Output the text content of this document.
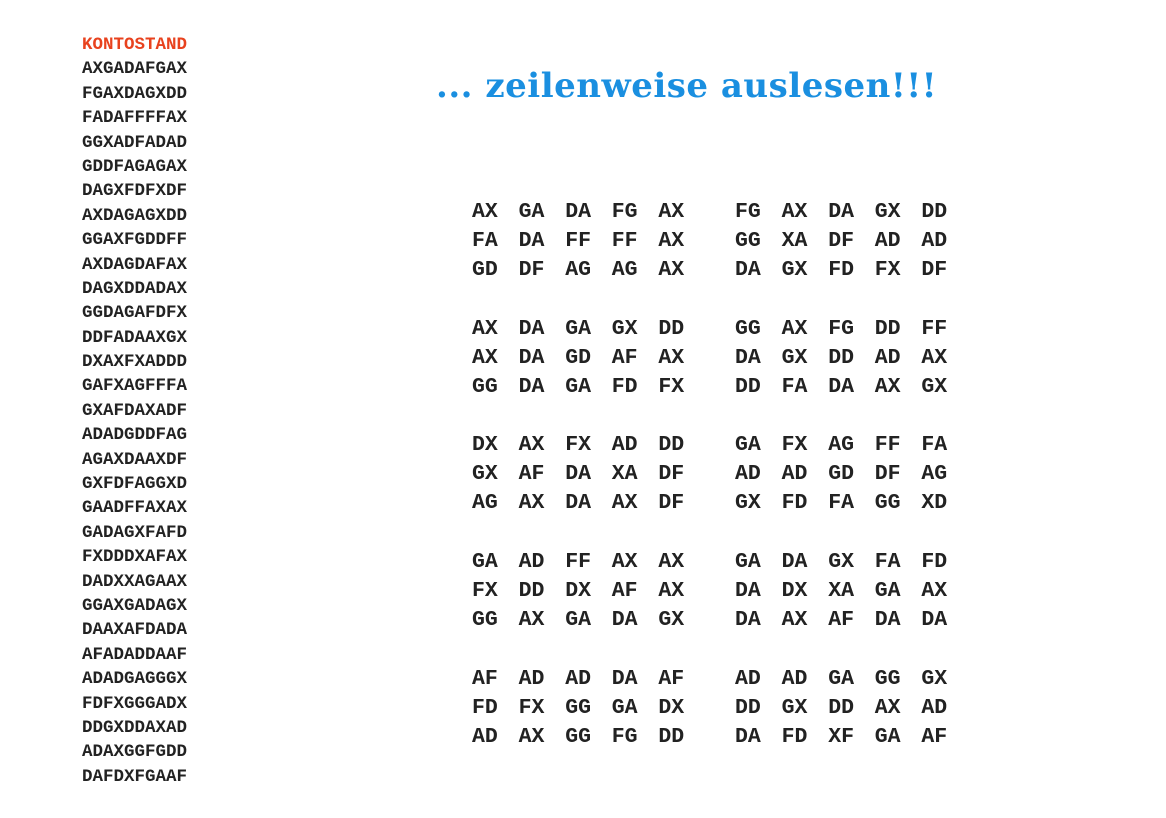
KONTOSTAND
AXGADAFGAX
FGAXDAGXDD
FADAFFFFAX
GGXADFADAD
GDDFAGAGAX
DAGXFDFXDF
AXDAGAGXDD
GGAXFGDDFF
AXDAGDAFAX
DAGXDDADAX
GGDAGAFDFX
DDFADAAXGX
DXAXFXADDD
GAFXAGFFFA
GXAFDAXADF
ADADGDDFAG
AGAXDAAXDF
GXFDFAGGXD
GAADFFAXAX
GADAGXFAFD
FXDDDXAFAX
DADXXAGAAX
GGAXGADAGX
DAAXAFDADA
AFADADDAAF
ADADGAGGGX
FDFXGGGADX
DDGXDDAXAD
ADAXGGFGDD
DAFDXFGAAF
... zeilenweise auslesen!!!
AX GA DA FG AX	FG AX DA GX DD
FA DA FF FF AX	GG XA DF AD AD
GD DF AG AG AX	DA GX FD FX DF
AX DA GA GX DD	GG AX FG DD FF
AX DA GD AF AX	DA GX DD AD AX
GG DA GA FD FX	DD FA DA AX GX
DX AX FX AD DD	GA FX AG FF FA
GX AF DA XA DF	AD AD GD DF AG
AG AX DA AX DF	GX FD FA GG XD
GA AD FF AX AX	GA DA GX FA FD
FX DD DX AF AX	DA DX XA GA AX
GG AX GA DA GX	DA AX AF DA DA
AF AD AD DA AF	AD AD GA GG GX
FD FX GG GA DX	DD GX DD AX AD
AD AX GG FG DD	DA FD XF GA AF
